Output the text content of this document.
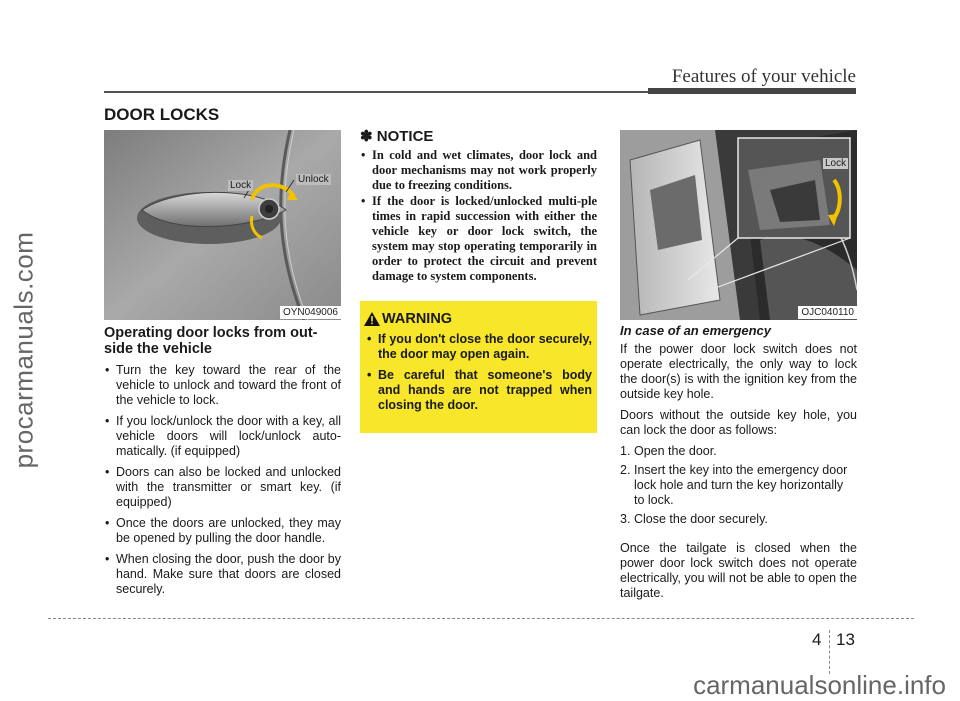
procarmanuals.com
Features of your vehicle
DOOR LOCKS
Lock
Unlock
OYN049006
Operating door locks from out-side the vehicle
• Turn the key toward the rear of the vehicle to unlock and toward the front of the vehicle to lock.
• If you lock/unlock the door with a key, all vehicle doors will lock/unlock auto-matically. (if equipped)
• Doors can also be locked and unlocked with the transmitter or smart key. (if equipped)
• Once the doors are unlocked, they may be opened by pulling the door handle.
• When closing the door, push the door by hand. Make sure that doors are closed securely.
✽ NOTICE
• In cold and wet climates, door lock and door mechanisms may not work properly due to freezing conditions.
• If the door is locked/unlocked multi-ple times in rapid succession with either the vehicle key or door lock switch, the system may stop operating temporarily in order to protect the circuit and prevent damage to system components.
WARNING
• If you don't close the door securely, the door may open again.
• Be careful that someone's body and hands are not trapped when closing the door.
Lock
OJC040110
In case of an emergency

If the power door lock switch does not operate electrically, the only way to lock the door(s) is with the ignition key from the outside key hole.

Doors without the outside key hole, you can lock the door as follows:

1. Open the door.
2. Insert the key into the emergency door lock hole and turn the key horizontally to lock.
3. Close the door securely.

Once the tailgate is closed when the power door lock switch does not operate electrically, you will not be able to open the tailgate.

4 13
carmanualsonline.info
